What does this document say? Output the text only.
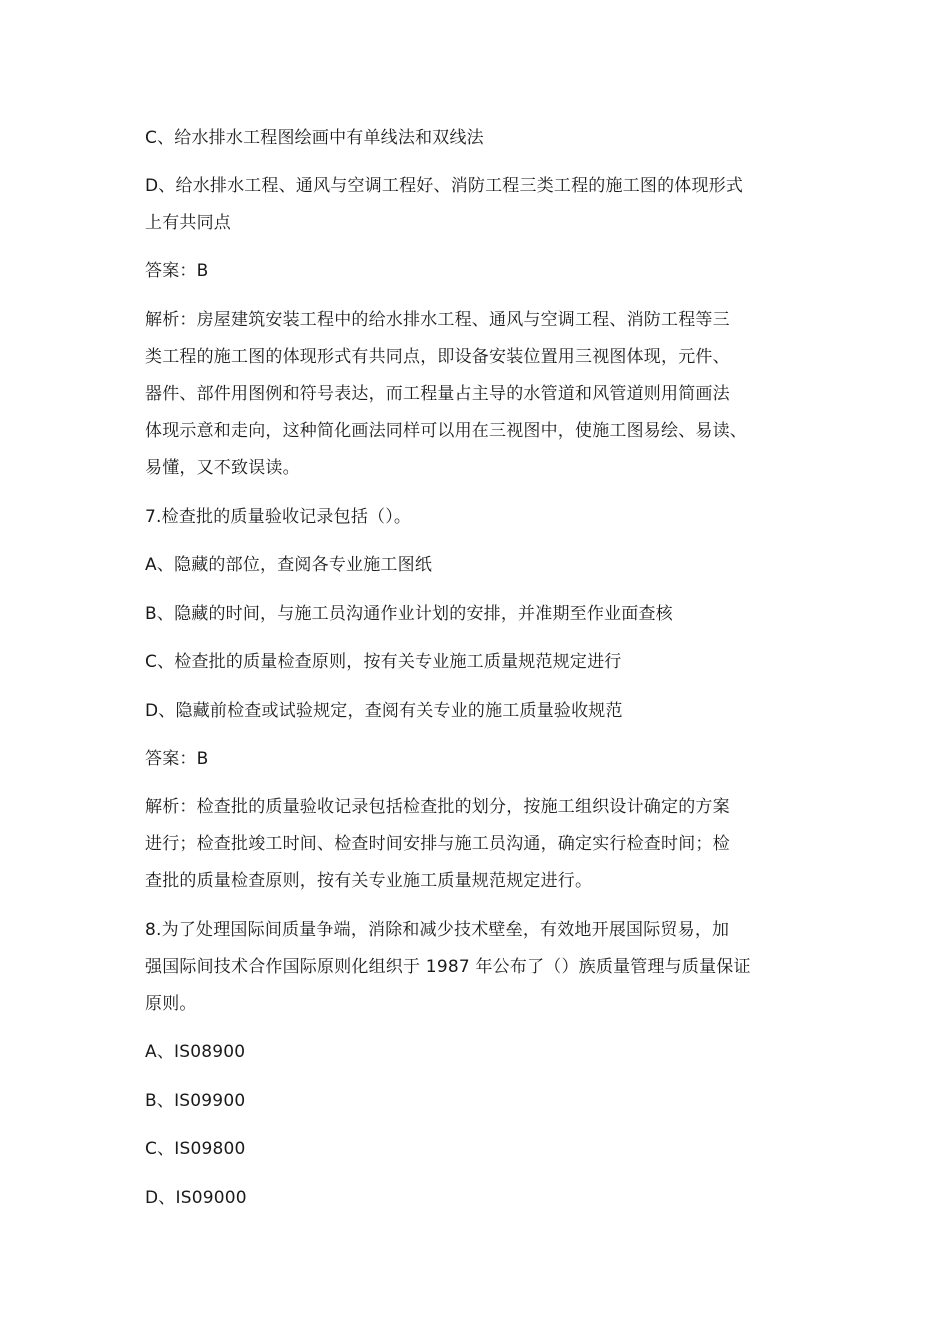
C、给水排水工程图绘画中有单线法和双线法
D、给水排水工程、通风与空调工程好、消防工程三类工程的施工图的体现形式
上有共同点
答案：B
解析：房屋建筑安装工程中的给水排水工程、通风与空调工程、消防工程等三
类工程的施工图的体现形式有共同点，即设备安装位置用三视图体现，元件、
器件、部件用图例和符号表达，而工程量占主导的水管道和风管道则用简画法
体现示意和走向，这种简化画法同样可以用在三视图中，使施工图易绘、易读、
易懂，又不致误读。
7.检查批的质量验收记录包括（）。
A、隐藏的部位，查阅各专业施工图纸
B、隐藏的时间，与施工员沟通作业计划的安排，并准期至作业面查核
C、检查批的质量检查原则，按有关专业施工质量规范规定进行
D、隐藏前检查或试验规定，查阅有关专业的施工质量验收规范
答案：B
解析：检查批的质量验收记录包括检查批的划分，按施工组织设计确定的方案
进行；检查批竣工时间、检查时间安排与施工员沟通，确定实行检查时间；检
查批的质量检查原则，按有关专业施工质量规范规定进行。
8.为了处理国际间质量争端，消除和减少技术壁垒，有效地开展国际贸易，加
强国际间技术合作国际原则化组织于 1987 年公布了（）族质量管理与质量保证
原则。
A、IS08900
B、IS09900
C、IS09800
D、IS09000
